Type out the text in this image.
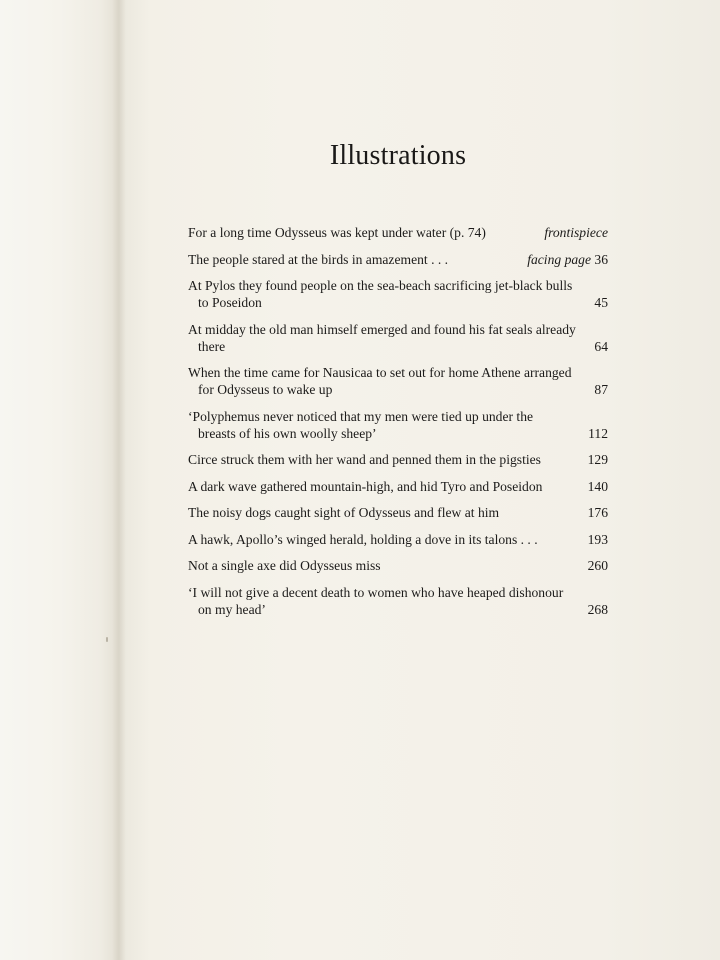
Illustrations
For a long time Odysseus was kept under water (p. 74)	frontispiece
The people stared at the birds in amazement . . .	facing page 36
At Pylos they found people on the sea-beach sacrificing jet-black bulls to Poseidon	45
At midday the old man himself emerged and found his fat seals already there	64
When the time came for Nausicaa to set out for home Athene arranged for Odysseus to wake up	87
‘Polyphemus never noticed that my men were tied up under the breasts of his own woolly sheep’	112
Circe struck them with her wand and penned them in the pigsties	129
A dark wave gathered mountain-high, and hid Tyro and Poseidon	140
The noisy dogs caught sight of Odysseus and flew at him	176
A hawk, Apollo’s winged herald, holding a dove in its talons . . .	193
Not a single axe did Odysseus miss	260
‘I will not give a decent death to women who have heaped dishonour on my head’	268
